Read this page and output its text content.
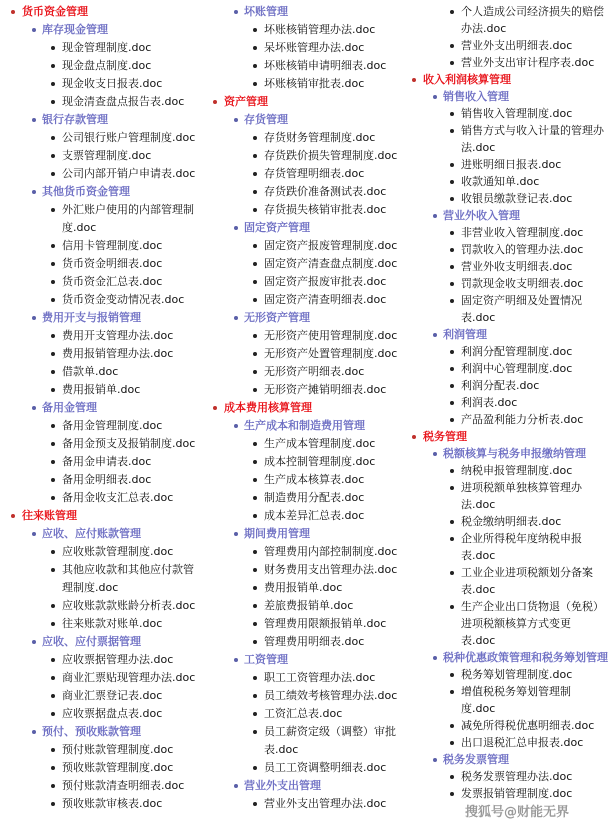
货币资金管理
库存现金管理
现金管理制度.doc
现金盘点制度.doc
现金收支日报表.doc
现金清查盘点报告表.doc
银行存款管理
公司银行账户管理制度.doc
支票管理制度.doc
公司内部开销户申请表.doc
其他货币资金管理
外汇账户使用的内部管理制度.doc
信用卡管理制度.doc
货币资金明细表.doc
货币资金汇总表.doc
货币资金变动情况表.doc
费用开支与报销管理
费用开支管理办法.doc
费用报销管理办法.doc
借款单.doc
费用报销单.doc
备用金管理
备用金管理制度.doc
备用金预支及报销制度.doc
备用金申请表.doc
备用金明细表.doc
备用金收支汇总表.doc
往来账管理
应收、应付账款管理
应收账款管理制度.doc
其他应收款和其他应付款管理制度.doc
应收账款款账龄分析表.doc
往来账款对账单.doc
应收、应付票据管理
应收票据管理办法.doc
商业汇票贴现管理办法.doc
商业汇票登记表.doc
应收票据盘点表.doc
预付、预收账款管理
预付账款管理制度.doc
预收账款管理制度.doc
预付账款清查明细表.doc
预收账款审核表.doc
坏账管理
坏账核销管理办法.doc
呆坏账管理办法.doc
坏账核销申请明细表.doc
坏账核销审批表.doc
资产管理
存货管理
存货财务管理制度.doc
存货跌价损失管理制度.doc
存货管理明细表.doc
存货跌价准备测试表.doc
存货损失核销审批表.doc
固定资产管理
固定资产报废管理制度.doc
固定资产清查盘点制度.doc
固定资产报废审批表.doc
固定资产清查明细表.doc
无形资产管理
无形资产使用管理制度.doc
无形资产处置管理制度.doc
无形资产明细表.doc
无形资产摊销明细表.doc
成本费用核算管理
生产成本和制造费用管理
生产成本管理制度.doc
成本控制管理制度.doc
生产成本核算表.doc
制造费用分配表.doc
成本差异汇总表.doc
期间费用管理
管理费用内部控制制度.doc
财务费用支出管理办法.doc
费用报销单.doc
差旅费报销单.doc
管理费用限额报销单.doc
管理费用明细表.doc
工资管理
职工工资管理办法.doc
员工绩效考核管理办法.doc
工资汇总表.doc
员工薪资定级（调整）审批表.doc
员工工资调整明细表.doc
营业外支出管理
营业外支出管理办法.doc
个人造成公司经济损失的赔偿办法.doc
营业外支出明细表.doc
营业外支出审计程序表.doc
收入利润核算管理
销售收入管理
销售收入管理制度.doc
销售方式与收入计量的管理办法.doc
进账明细日报表.doc
收款通知单.doc
收银员缴款登记表.doc
营业外收入管理
非营业收入管理制度.doc
罚款收入的管理办法.doc
营业外收支明细表.doc
罚款现金收支明细表.doc
固定资产明细及处置情况表.doc
利润管理
利润分配管理制度.doc
利润中心管理制度.doc
利润分配表.doc
利润表.doc
产品盈利能力分析表.doc
税务管理
税额核算与税务申报缴纳管理
纳税申报管理制度.doc
进项税额单独核算管理办法.doc
税金缴纳明细表.doc
企业所得税年度纳税申报表.doc
工业企业进项税额划分备案表.doc
生产企业出口货物退（免税）进项税额核算方式变更表.doc
税种优惠政策管理和税务筹划管理
税务筹划管理制度.doc
增值税税务筹划管理制度.doc
减免所得税优惠明细表.doc
出口退税汇总申报表.doc
税务发票管理
税务发票管理办法.doc
发票报销管理制度.doc
搜狐号@财能无界
